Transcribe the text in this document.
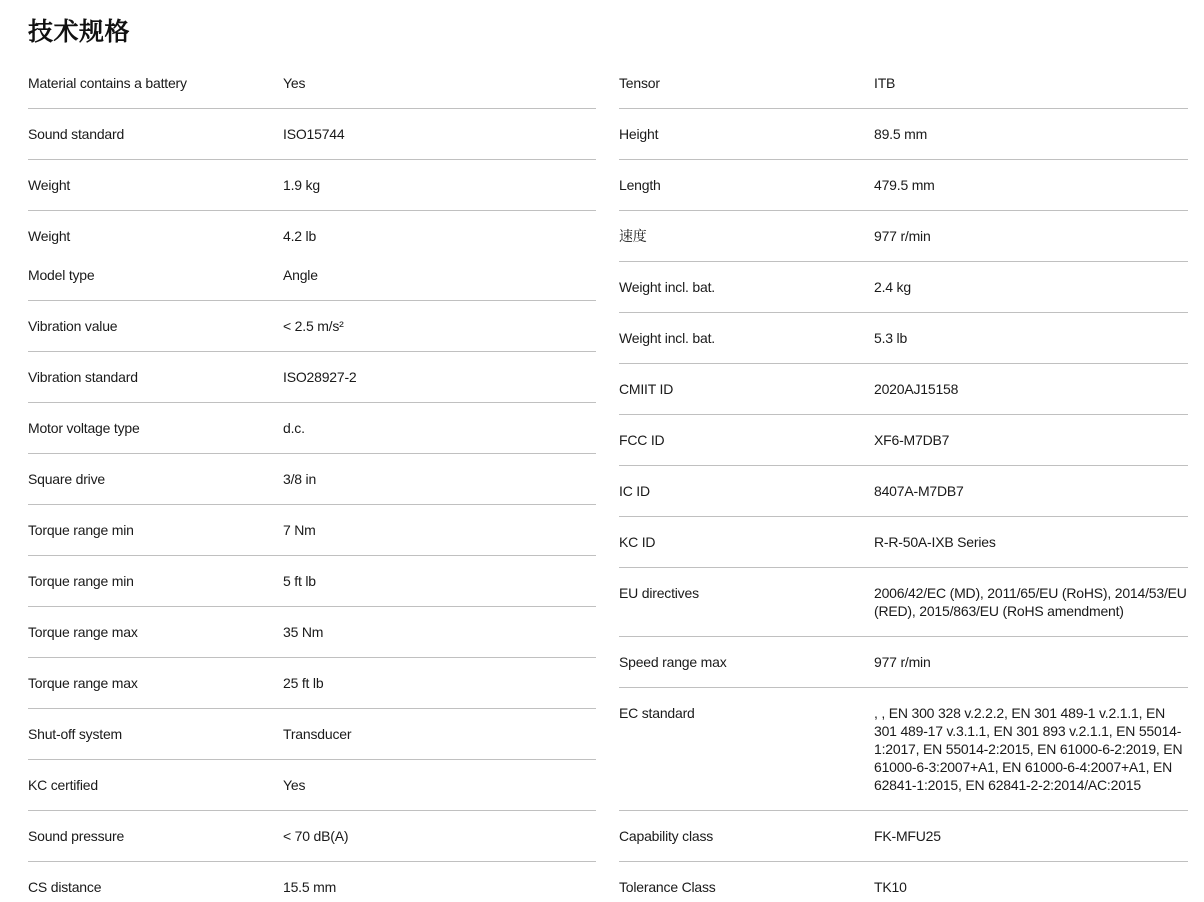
技术规格
Material contains a battery	Yes
Sound standard	ISO15744
Weight	1.9 kg
Weight	4.2 lb
Model type	Angle
Vibration value	< 2.5 m/s²
Vibration standard	ISO28927-2
Motor voltage type	d.c.
Square drive	3/8 in
Torque range min	7 Nm
Torque range min	5 ft lb
Torque range max	35 Nm
Torque range max	25 ft lb
Shut-off system	Transducer
KC certified	Yes
Sound pressure	< 70 dB(A)
CS distance	15.5 mm
Tensor	ITB
Height	89.5 mm
Length	479.5 mm
速度	977 r/min
Weight incl. bat.	2.4 kg
Weight incl. bat.	5.3 lb
CMIIT ID	2020AJ15158
FCC ID	XF6-M7DB7
IC ID	8407A-M7DB7
KC ID	R-R-50A-IXB Series
EU directives	2006/42/EC (MD), 2011/65/EU (RoHS), 2014/53/EU (RED), 2015/863/EU (RoHS amendment)
Speed range max	977 r/min
EC standard	, , EN 300 328 v.2.2.2, EN 301 489-1 v.2.1.1, EN 301 489-17 v.3.1.1, EN 301 893 v.2.1.1, EN 55014-1:2017, EN 55014-2:2015, EN 61000-6-2:2019, EN 61000-6-3:2007+A1, EN 61000-6-4:2007+A1, EN 62841-1:2015, EN 62841-2-2:2014/AC:2015
Capability class	FK-MFU25
Tolerance Class	TK10
